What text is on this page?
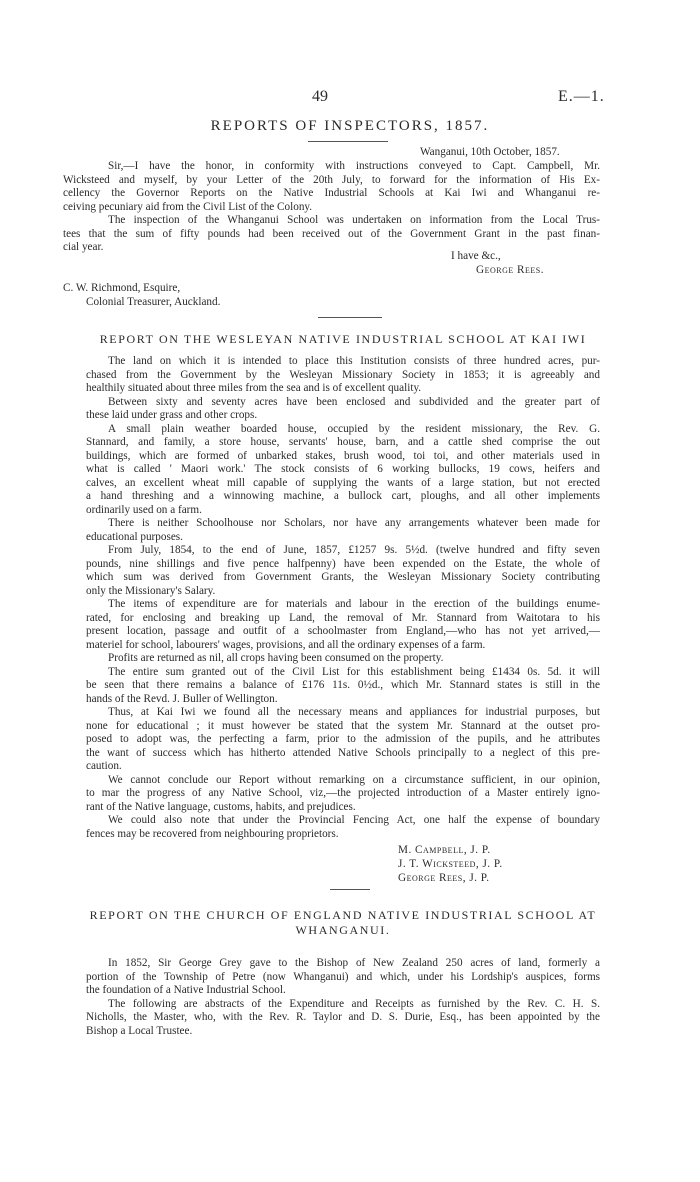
49	E.—1.
REPORTS OF INSPECTORS, 1857.
Wanganui, 10th October, 1857.
Sir,—I have the honor, in conformity with instructions conveyed to Capt. Campbell, Mr.
Wicksteed and myself, by your Letter of the 20th July, to forward for the information of His Ex-
cellency the Governor Reports on the Native Industrial Schools at Kai Iwi and Whanganui re-
ceiving pecuniary aid from the Civil List of the Colony.
The inspection of the Whanganui School was undertaken on information from the Local Trus-
tees that the sum of fifty pounds had been received out of the Government Grant in the past finan-
cial year.
C. W. Richmond, Esquire,
Colonial Treasurer, Auckland.
I have &c.,
George Rees.
REPORT ON THE WESLEYAN NATIVE INDUSTRIAL SCHOOL AT KAI IWI
The land on which it is intended to place this Institution consists of three hundred acres, pur-
chased from the Government by the Wesleyan Missionary Society in 1853; it is agreeably and
healthily situated about three miles from the sea and is of excellent quality.
Between sixty and seventy acres have been enclosed and subdivided and the greater part of
these laid under grass and other crops.
A small plain weather boarded house, occupied by the resident missionary, the Rev. G.
Stannard, and family, a store house, servants' house, barn, and a cattle shed comprise the out
buildings, which are formed of unbarked stakes, brush wood, toi toi, and other materials used in
what is called ' Maori work.' The stock consists of 6 working bullocks, 19 cows, heifers and
calves, an excellent wheat mill capable of supplying the wants of a large station, but not erected
a hand threshing and a winnowing machine, a bullock cart, ploughs, and all other implements
ordinarily used on a farm.
There is neither Schoolhouse nor Scholars, nor have any arrangements whatever been made for
educational purposes.
From July, 1854, to the end of June, 1857, £1257 9s. 5½d. (twelve hundred and fifty seven
pounds, nine shillings and five pence halfpenny) have been expended on the Estate, the whole of
which sum was derived from Government Grants, the Wesleyan Missionary Society contributing
only the Missionary's Salary.
The items of expenditure are for materials and labour in the erection of the buildings enume-
rated, for enclosing and breaking up Land, the removal of Mr. Stannard from Waitotara to his
present location, passage and outfit of a schoolmaster from England,—who has not yet arrived,—
materiel for school, labourers' wages, provisions, and all the ordinary expenses of a farm.
Profits are returned as nil, all crops having been consumed on the property.
The entire sum granted out of the Civil List for this establishment being £1434 0s. 5d. it will
be seen that there remains a balance of £176 11s. 0½d., which Mr. Stannard states is still in the
hands of the Revd. J. Buller of Wellington.
Thus, at Kai Iwi we found all the necessary means and appliances for industrial purposes, but
none for educational ; it must however be stated that the system Mr. Stannard at the outset pro-
posed to adopt was, the perfecting a farm, prior to the admission of the pupils, and he attributes
the want of success which has hitherto attended Native Schools principally to a neglect of this pre-
caution.
We cannot conclude our Report without remarking on a circumstance sufficient, in our opinion,
to mar the progress of any Native School, viz,—the projected introduction of a Master entirely igno-
rant of the Native language, customs, habits, and prejudices.
We could also note that under the Provincial Fencing Act, one half the expense of boundary
fences may be recovered from neighbouring proprietors.
M. Campbell, J. P.
J. T. Wicksteed, J. P.
George Rees, J. P.
REPORT ON THE CHURCH OF ENGLAND NATIVE INDUSTRIAL SCHOOL AT
WHANGANUI.
In 1852, Sir George Grey gave to the Bishop of New Zealand 250 acres of land, formerly a
portion of the Township of Petre (now Whanganui) and which, under his Lordship's auspices, forms
the foundation of a Native Industrial School.
The following are abstracts of the Expenditure and Receipts as furnished by the Rev. C. H. S.
Nicholls, the Master, who, with the Rev. R. Taylor and D. S. Durie, Esq., has been appointed by the
Bishop a Local Trustee.
